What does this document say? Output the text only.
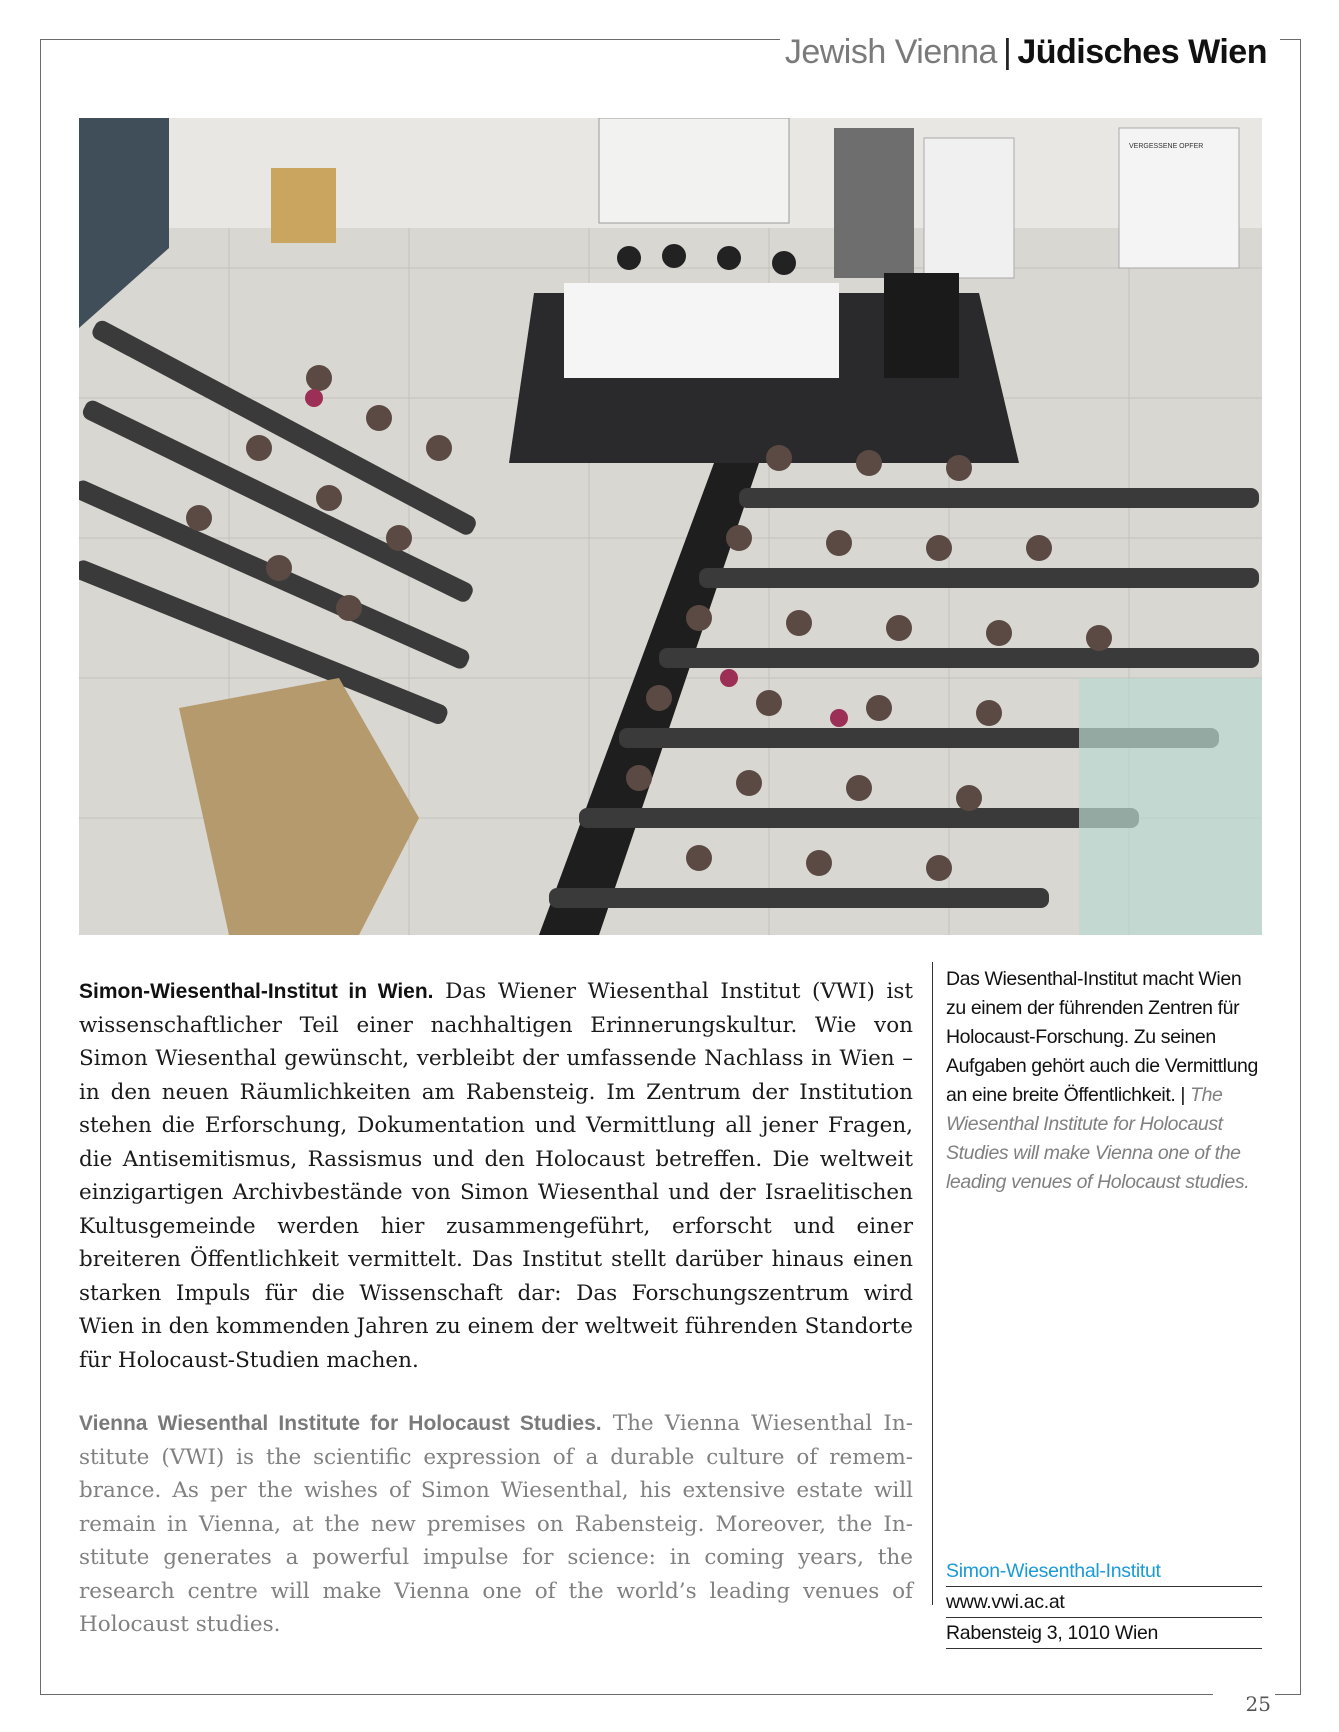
Jewish Vienna | Jüdisches Wien
VERGESSENE OPFER

Simon-Wiesenthal-Institut in Wien. Das Wiener Wiesenthal Institut (VWI) ist wissenschaftlicher Teil einer nachhaltigen Erinnerungskultur. Wie von Simon Wiesenthal gewünscht, verbleibt der umfassende Nachlass in Wien – in den neuen Räumlichkeiten am Rabensteig. Im Zentrum der Institution stehen die Erforschung, Dokumentation und Vermittlung all jener Fragen, die Antisemitismus, Rassismus und den Holocaust betreffen. Die weltweit einzigartigen Archivbestände von Simon Wiesenthal und der Israelitischen Kultusgemeinde werden hier zusammengeführt, erforscht und einer breiteren Öffentlichkeit vermittelt. Das Institut stellt darüber hinaus einen starken Impuls für die Wissenschaft dar: Das Forschungszentrum wird Wien in den kommenden Jahren zu einem der weltweit führenden Standorte für Holocaust-Studien machen.

Vienna Wiesenthal Institute for Holocaust Studies. The Vienna Wiesenthal Institute (VWI) is the scientific expression of a durable culture of remembrance. As per the wishes of Simon Wiesenthal, his extensive estate will remain in Vienna, at the new premises on Rabensteig. Moreover, the Institute generates a powerful impulse for science: in coming years, the research centre will make Vienna one of the world’s leading venues of Holocaust studies.

Das Wiesenthal-Institut macht Wien zu einem der führenden Zentren für Holocaust-Forschung. Zu seinen Aufgaben gehört auch die Vermittlung an eine breite Öffentlichkeit. | The Wiesenthal Institute for Holocaust Studies will make Vienna one of the leading venues of Holocaust studies.
Simon-Wiesenthal-Institut
www.vwi.ac.at
Rabensteig 3, 1010 Wien
25
